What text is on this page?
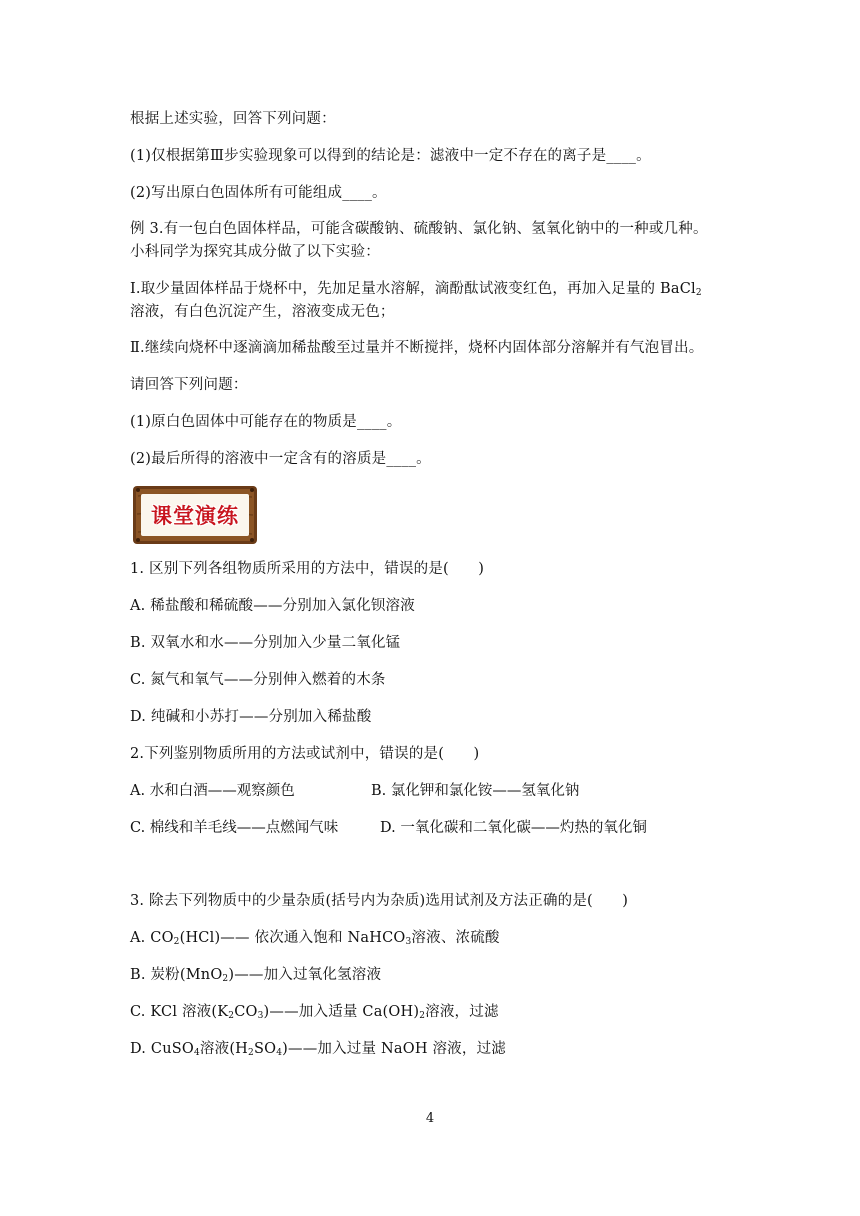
根据上述实验，回答下列问题：
(1)仅根据第Ⅲ步实验现象可以得到的结论是：滤液中一定不存在的离子是____。
(2)写出原白色固体所有可能组成____。
例 3.有一包白色固体样品，可能含碳酸钠、硫酸钠、氯化钠、氢氧化钠中的一种或几种。
小科同学为探究其成分做了以下实验：
Ⅰ.取少量固体样品于烧杯中，先加足量水溶解，滴酚酞试液变红色，再加入足量的 BaCl$_2$
溶液，有白色沉淀产生，溶液变成无色；
Ⅱ.继续向烧杯中逐滴滴加稀盐酸至过量并不断搅拌，烧杯内固体部分溶解并有气泡冒出。
请回答下列问题：
(1)原白色固体中可能存在的物质是____。
(2)最后所得的溶液中一定含有的溶质是____。
课堂演练
1. 区别下列各组物质所采用的方法中，错误的是(　　)
A. 稀盐酸和稀硫酸——分别加入氯化钡溶液
B. 双氧水和水——分别加入少量二氧化锰
C. 氮气和氧气——分别伸入燃着的木条
D. 纯碱和小苏打——分别加入稀盐酸
2.下列鉴别物质所用的方法或试剂中，错误的是(　　)
A. 水和白酒——观察颜色	B. 氯化钾和氯化铵——氢氧化钠
C. 棉线和羊毛线——点燃闻气味	D. 一氧化碳和二氧化碳——灼热的氧化铜
3. 除去下列物质中的少量杂质(括号内为杂质)选用试剂及方法正确的是(　　)
A. $CO_2(HCl)——$ 依次通入饱和 NaHCO$_3$溶液、浓硫酸
B. 炭粉(MnO$_2$)——加入过氧化氢溶液
C. KCl 溶液$(K_2CO_3)——$加入适量 $Ca(OH)_2$溶液，过滤
D. CuSO$_4$溶液$(H_2SO_4)——$加入过量 NaOH 溶液，过滤
4
